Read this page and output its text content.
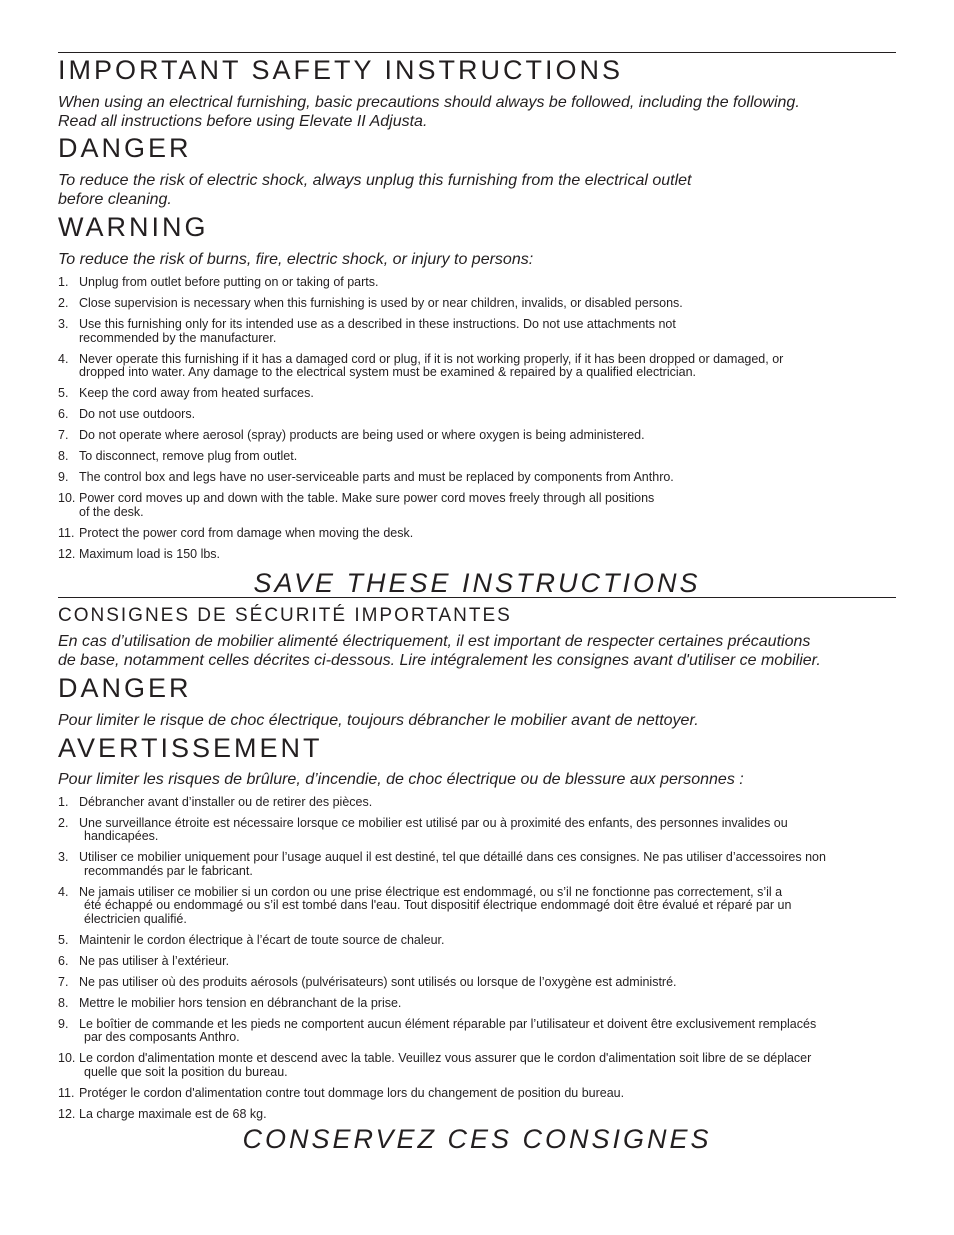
IMPORTANT SAFETY INSTRUCTIONS

When using an electrical furnishing, basic precautions should always be followed, including the following.
Read all instructions before using Elevate II Adjusta.

DANGER

To reduce the risk of electric shock, always unplug this furnishing from the electrical outlet
before cleaning.

WARNING

To reduce the risk of burns, fire, electric shock, or injury to persons:

1. Unplug from outlet before putting on or taking of parts.
2. Close supervision is necessary when this furnishing is used by or near children, invalids, or disabled persons.
3. Use this furnishing only for its intended use as a described in these instructions. Do not use attachments not
recommended by the manufacturer.
4. Never operate this furnishing if it has a damaged cord or plug, if it is not working properly, if it has been dropped or damaged, or
dropped into water. Any damage to the electrical system must be examined & repaired by a qualified electrician.
5. Keep the cord away from heated surfaces.
6. Do not use outdoors.
7. Do not operate where aerosol (spray) products are being used or where oxygen is being administered.
8. To disconnect, remove plug from outlet.
9. The control box and legs have no user-serviceable parts and must be replaced by components from Anthro.
10. Power cord moves up and down with the table. Make sure power cord moves freely through all positions
of the desk.
11. Protect the power cord from damage when moving the desk.
12. Maximum load is 150 lbs.

SAVE THESE INSTRUCTIONS

CONSIGNES DE SÉCURITÉ IMPORTANTES

En cas d’utilisation de mobilier alimenté électriquement, il est important de respecter certaines précautions
de base, notamment celles décrites ci-dessous. Lire intégralement les consignes avant d'utiliser ce mobilier.

DANGER

Pour limiter le risque de choc électrique, toujours débrancher le mobilier avant de nettoyer.

AVERTISSEMENT

Pour limiter les risques de brûlure, d’incendie, de choc électrique ou de blessure aux personnes :

1. Débrancher avant d’installer ou de retirer des pièces.
2. Une surveillance étroite est nécessaire lorsque ce mobilier est utilisé par ou à proximité des enfants, des personnes invalides ou
handicapées.
3. Utiliser ce mobilier uniquement pour l’usage auquel il est destiné, tel que détaillé dans ces consignes. Ne pas utiliser d’accessoires non
recommandés par le fabricant.
4. Ne jamais utiliser ce mobilier si un cordon ou une prise électrique est endommagé, ou s’il ne fonctionne pas correctement, s’il a
été échappé ou endommagé ou s’il est tombé dans l'eau. Tout dispositif électrique endommagé doit être évalué et réparé par un
électricien qualifié.
5. Maintenir le cordon électrique à l’écart de toute source de chaleur.
6. Ne pas utiliser à l’extérieur.
7. Ne pas utiliser où des produits aérosols (pulvérisateurs) sont utilisés ou lorsque de l’oxygène est administré.
8. Mettre le mobilier hors tension en débranchant de la prise.
9. Le boîtier de commande et les pieds ne comportent aucun élément réparable par l’utilisateur et doivent être exclusivement remplacés
par des composants Anthro.
10. Le cordon d'alimentation monte et descend avec la table. Veuillez vous assurer que le cordon d'alimentation soit libre de se déplacer
quelle que soit la position du bureau.
11. Protéger le cordon d'alimentation contre tout dommage lors du changement de position du bureau.
12. La charge maximale est de 68 kg.

CONSERVEZ CES CONSIGNES
